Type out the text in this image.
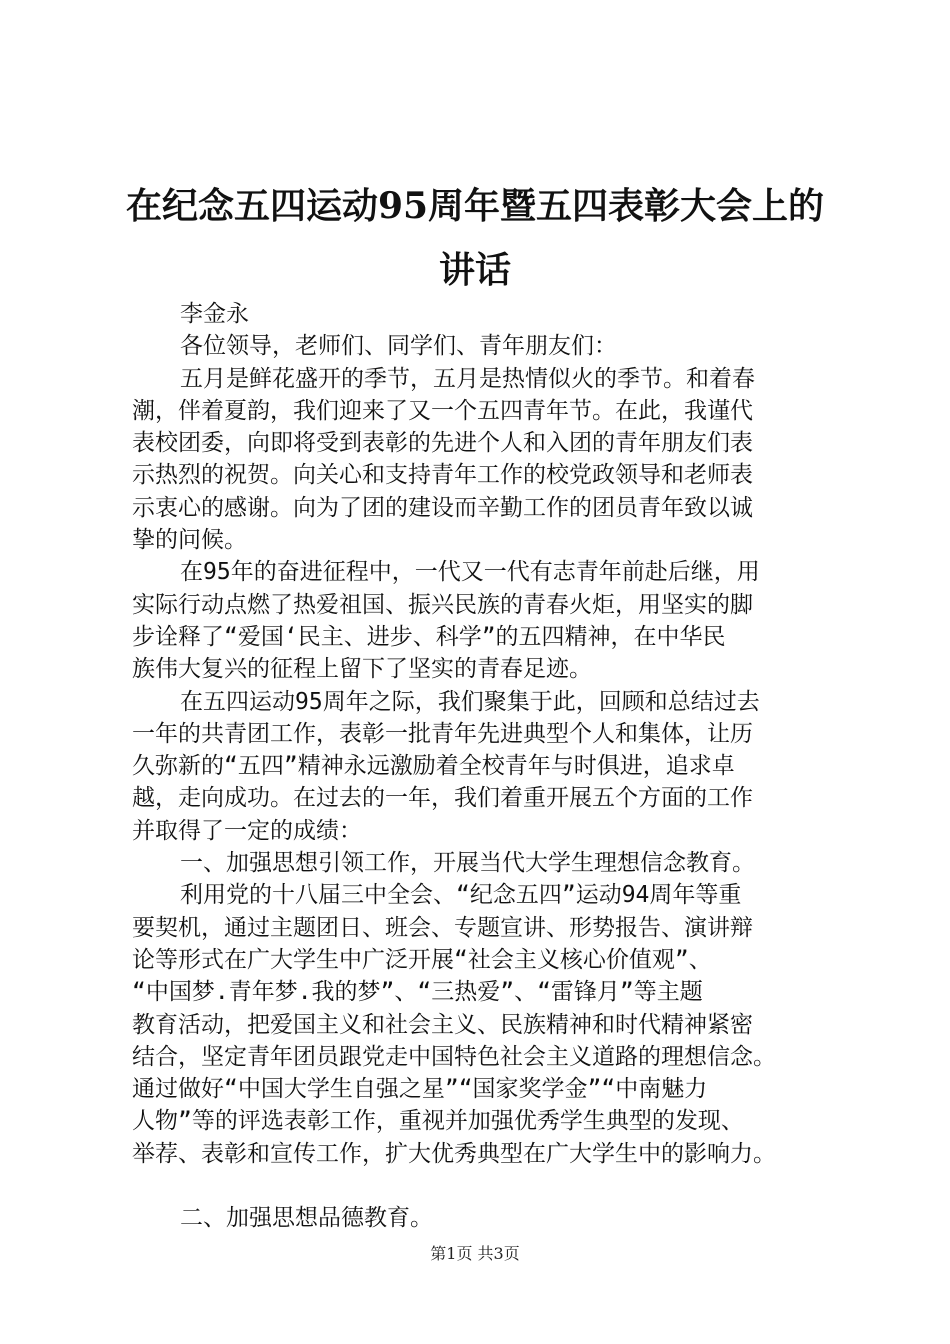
在纪念五四运动95周年暨五四表彰大会上的
讲话
李金永
各位领导，老师们、同学们、青年朋友们：
五月是鲜花盛开的季节，五月是热情似火的季节。和着春
潮，伴着夏韵，我们迎来了又一个五四青年节。在此，我谨代
表校团委，向即将受到表彰的先进个人和入团的青年朋友们表
示热烈的祝贺。向关心和支持青年工作的校党政领导和老师表
示衷心的感谢。向为了团的建设而辛勤工作的团员青年致以诚
挚的问候。
在95年的奋进征程中，一代又一代有志青年前赴后继，用
实际行动点燃了热爱祖国、振兴民族的青春火炬，用坚实的脚
步诠释了“爱国‘民主、进步、科学”的五四精神，在中华民
族伟大复兴的征程上留下了坚实的青春足迹。
在五四运动95周年之际，我们聚集于此，回顾和总结过去
一年的共青团工作，表彰一批青年先进典型个人和集体，让历
久弥新的“五四”精神永远激励着全校青年与时俱进，追求卓
越，走向成功。在过去的一年，我们着重开展五个方面的工作
并取得了一定的成绩：
一、加强思想引领工作，开展当代大学生理想信念教育。
利用党的十八届三中全会、“纪念五四”运动94周年等重
要契机，通过主题团日、班会、专题宣讲、形势报告、演讲辩
论等形式在广大学生中广泛开展“社会主义核心价值观”、
“中国梦.青年梦.我的梦”、“三热爱”、“雷锋月”等主题
教育活动，把爱国主义和社会主义、民族精神和时代精神紧密
结合，坚定青年团员跟党走中国特色社会主义道路的理想信念。
通过做好“中国大学生自强之星”“国家奖学金”“中南魅力
人物”等的评选表彰工作，重视并加强优秀学生典型的发现、
举荐、表彰和宣传工作，扩大优秀典型在广大学生中的影响力。
二、加强思想品德教育。
第1页 共3页
